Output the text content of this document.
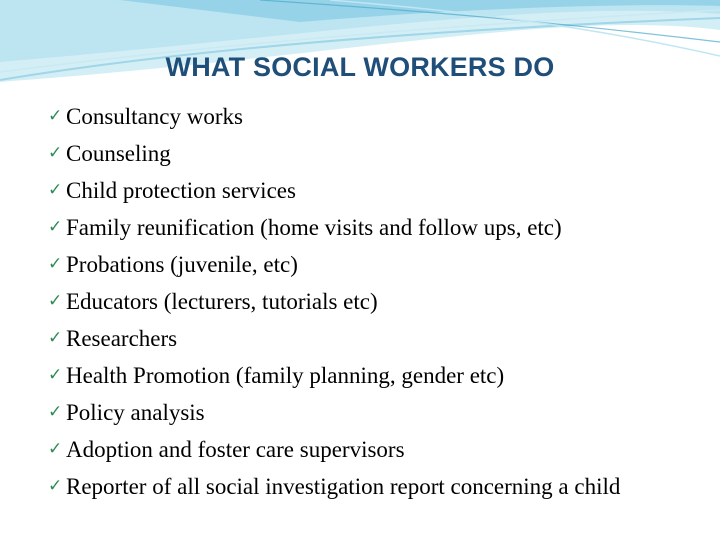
WHAT SOCIAL WORKERS DO
✓ Consultancy works
✓ Counseling
✓ Child protection services
✓ Family reunification (home visits and follow ups, etc)
✓ Probations (juvenile, etc)
✓ Educators (lecturers, tutorials etc)
✓ Researchers
✓ Health Promotion (family planning, gender etc)
✓ Policy analysis
✓ Adoption and foster care supervisors
✓ Reporter of all social investigation report concerning a child
